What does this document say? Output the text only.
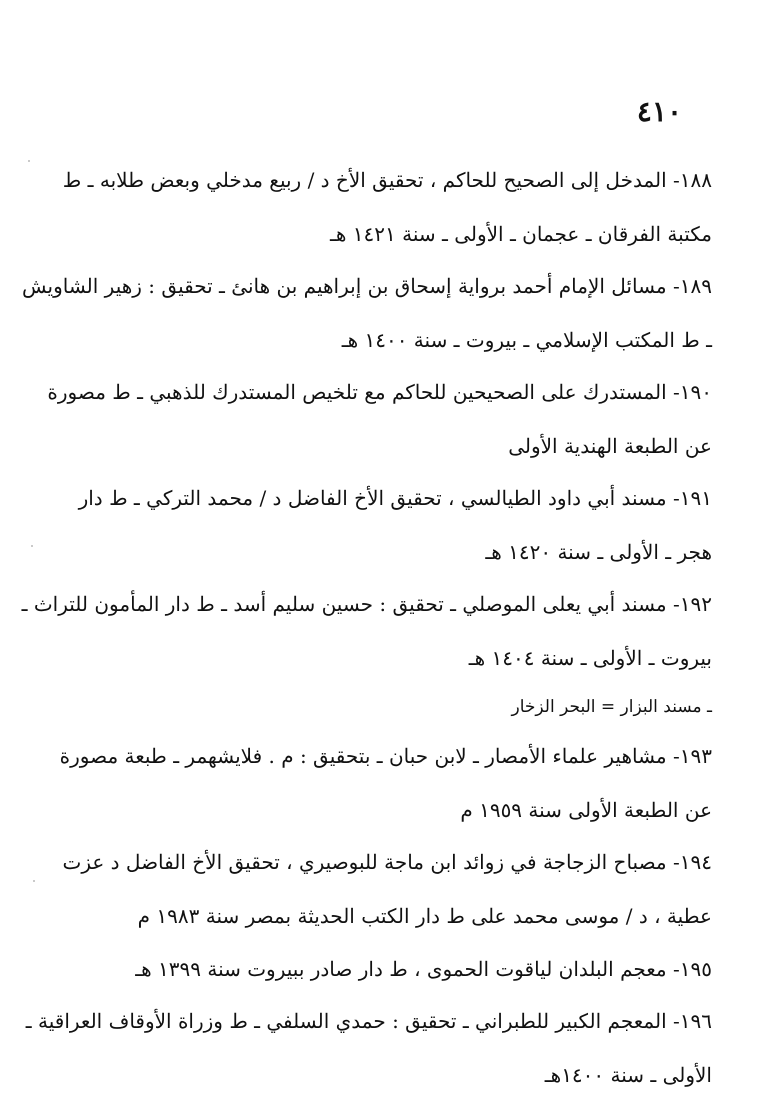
٤١٠
١٨٨- المدخل إلى الصحيح للحاكم ، تحقيق الأخ د / ربيع مدخلي وبعض طلابه ـ ط
مكتبة الفرقان ـ عجمان ـ الأولى ـ سنة ١٤٢١ هـ
١٨٩- مسائل الإمام أحمد برواية إسحاق بن إبراهيم بن هانئ ـ تحقيق : زهير الشاويش
ـ ط المكتب الإسلامي ـ بيروت ـ سنة ١٤٠٠ هـ
١٩٠- المستدرك على الصحيحين للحاكم مع تلخيص المستدرك للذهبي ـ ط مصورة
عن الطبعة الهندية الأولى
١٩١- مسند أبي داود الطيالسي ، تحقيق الأخ الفاضل د / محمد التركي ـ ط دار
هجر ـ الأولى ـ سنة ١٤٢٠ هـ
١٩٢- مسند أبي يعلى الموصلي ـ تحقيق : حسين سليم أسد ـ ط دار المأمون للتراث ـ
بيروت ـ الأولى ـ سنة ١٤٠٤ هـ
ـ مسند البزار = البحر الزخار
١٩٣- مشاهير علماء الأمصار ـ لابن حبان ـ بتحقيق : م . فلايشهمر ـ طبعة مصورة
عن الطبعة الأولى سنة ١٩٥٩ م
١٩٤- مصباح الزجاجة في زوائد ابن ماجة للبوصيري ، تحقيق الأخ الفاضل د عزت
عطية ، د / موسى محمد على ط دار الكتب الحديثة بمصر سنة ١٩٨٣ م
١٩٥- معجم البلدان لياقوت الحموى ، ط دار صادر ببيروت سنة ١٣٩٩ هـ
١٩٦- المعجم الكبير للطبراني ـ تحقيق : حمدي السلفي ـ ط وزراة الأوقاف العراقية ـ
الأولى ـ سنة ١٤٠٠هـ
